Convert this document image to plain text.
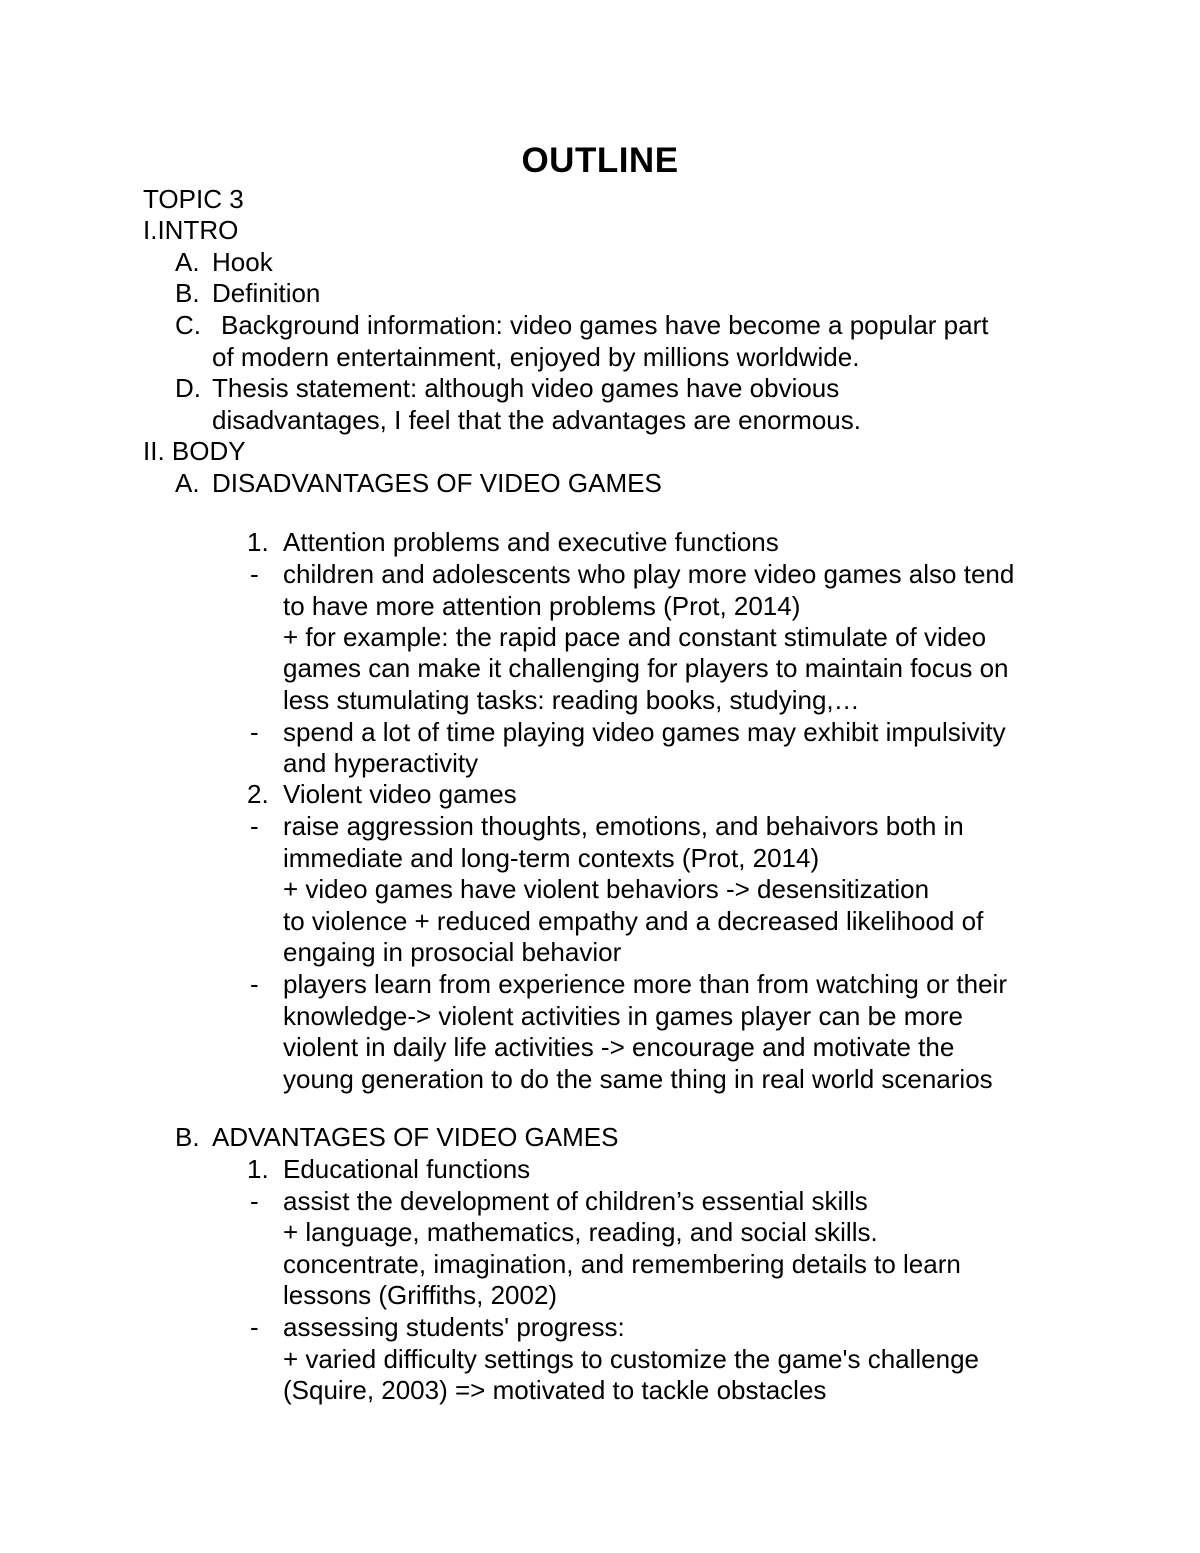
OUTLINE
TOPIC 3
I.INTRO
A. Hook
B. Definition
C. Background information: video games have become a popular part
of modern entertainment, enjoyed by millions worldwide.
D. Thesis statement: although video games have obvious
disadvantages, I feel that the advantages are enormous.
II. BODY
A. DISADVANTAGES OF VIDEO GAMES
1. Attention problems and executive functions
- children and adolescents who play more video games also tend
to have more attention problems (Prot, 2014)
+ for example: the rapid pace and constant stimulate of video
games can make it challenging for players to maintain focus on
less stumulating tasks: reading books, studying,…
- spend a lot of time playing video games may exhibit impulsivity
and hyperactivity
2. Violent video games
- raise aggression thoughts, emotions, and behaivors both in
immediate and long-term contexts (Prot, 2014)
+ video games have violent behaviors -> desensitization
to violence + reduced empathy and a decreased likelihood of
engaing in prosocial behavior
- players learn from experience more than from watching or their
knowledge-> violent activities in games player can be more
violent in daily life activities -> encourage and motivate the
young generation to do the same thing in real world scenarios
B. ADVANTAGES OF VIDEO GAMES
1. Educational functions
- assist the development of children’s essential skills
+ language, mathematics, reading, and social skills.
concentrate, imagination, and remembering details to learn
lessons (Griffiths, 2002)
- assessing students' progress:
+ varied difficulty settings to customize the game's challenge
(Squire, 2003) => motivated to tackle obstacles
